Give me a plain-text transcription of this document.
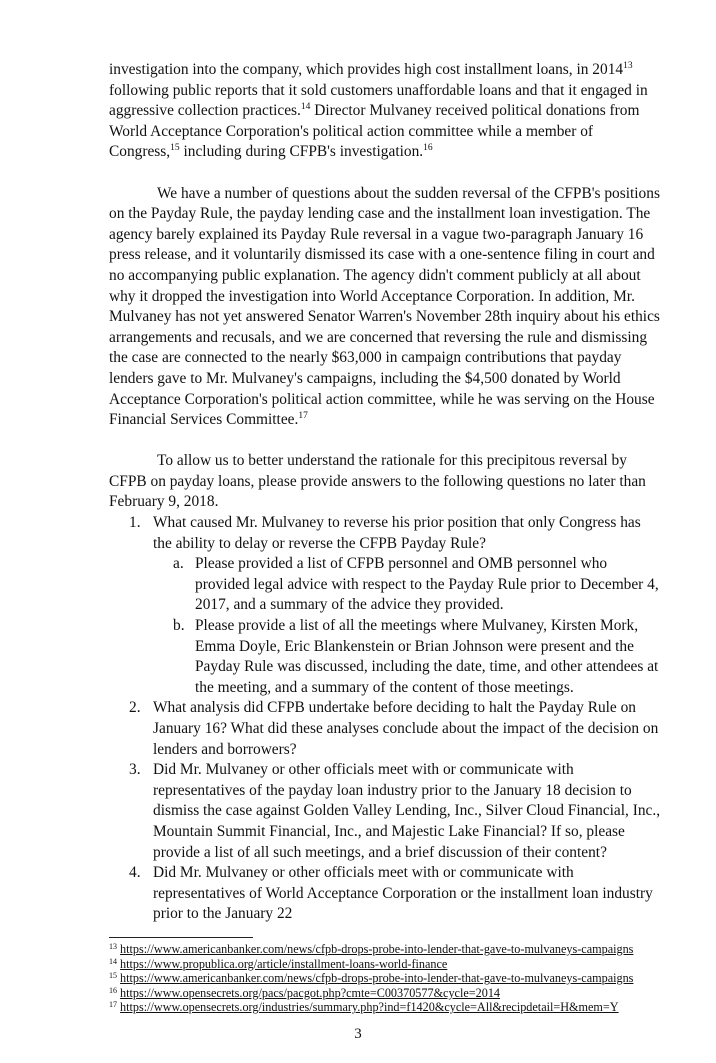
investigation into the company, which provides high cost installment loans, in 2014$^{13}$ following public reports that it sold customers unaffordable loans and that it engaged in aggressive collection practices.$^{14}$ Director Mulvaney received political donations from World Acceptance Corporation's political action committee while a member of Congress,$^{15}$ including during CFPB's investigation.$^{16}$

We have a number of questions about the sudden reversal of the CFPB's positions on the Payday Rule, the payday lending case and the installment loan investigation. The agency barely explained its Payday Rule reversal in a vague two-paragraph January 16 press release, and it voluntarily dismissed its case with a one-sentence filing in court and no accompanying public explanation. The agency didn't comment publicly at all about why it dropped the investigation into World Acceptance Corporation. In addition, Mr. Mulvaney has not yet answered Senator Warren's November 28th inquiry about his ethics arrangements and recusals, and we are concerned that reversing the rule and dismissing the case are connected to the nearly $63,000 in campaign contributions that payday lenders gave to Mr. Mulvaney's campaigns, including the $4,500 donated by World Acceptance Corporation's political action committee, while he was serving on the House Financial Services Committee.$^{17}$

To allow us to better understand the rationale for this precipitous reversal by CFPB on payday loans, please provide answers to the following questions no later than February 9, 2018.

1. What caused Mr. Mulvaney to reverse his prior position that only Congress has the ability to delay or reverse the CFPB Payday Rule?
a. Please provided a list of CFPB personnel and OMB personnel who provided legal advice with respect to the Payday Rule prior to December 4, 2017, and a summary of the advice they provided.
b. Please provide a list of all the meetings where Mulvaney, Kirsten Mork, Emma Doyle, Eric Blankenstein or Brian Johnson were present and the Payday Rule was discussed, including the date, time, and other attendees at the meeting, and a summary of the content of those meetings.
2. What analysis did CFPB undertake before deciding to halt the Payday Rule on January 16? What did these analyses conclude about the impact of the decision on lenders and borrowers?
3. Did Mr. Mulvaney or other officials meet with or communicate with representatives of the payday loan industry prior to the January 18 decision to dismiss the case against Golden Valley Lending, Inc., Silver Cloud Financial, Inc., Mountain Summit Financial, Inc., and Majestic Lake Financial? If so, please provide a list of all such meetings, and a brief discussion of their content?
4. Did Mr. Mulvaney or other officials meet with or communicate with representatives of World Acceptance Corporation or the installment loan industry prior to the January 22
$^{13}$ https://www.americanbanker.com/news/cfpb-drops-probe-into-lender-that-gave-to-mulvaneys-campaigns
$^{14}$ https://www.propublica.org/article/installment-loans-world-finance
$^{15}$ https://www.americanbanker.com/news/cfpb-drops-probe-into-lender-that-gave-to-mulvaneys-campaigns
$^{16}$ https://www.opensecrets.org/pacs/pacgot.php?cmte=C00370577&cycle=2014
$^{17}$ https://www.opensecrets.org/industries/summary.php?ind=f1420&cycle=All&recipdetail=H&mem=Y
3
